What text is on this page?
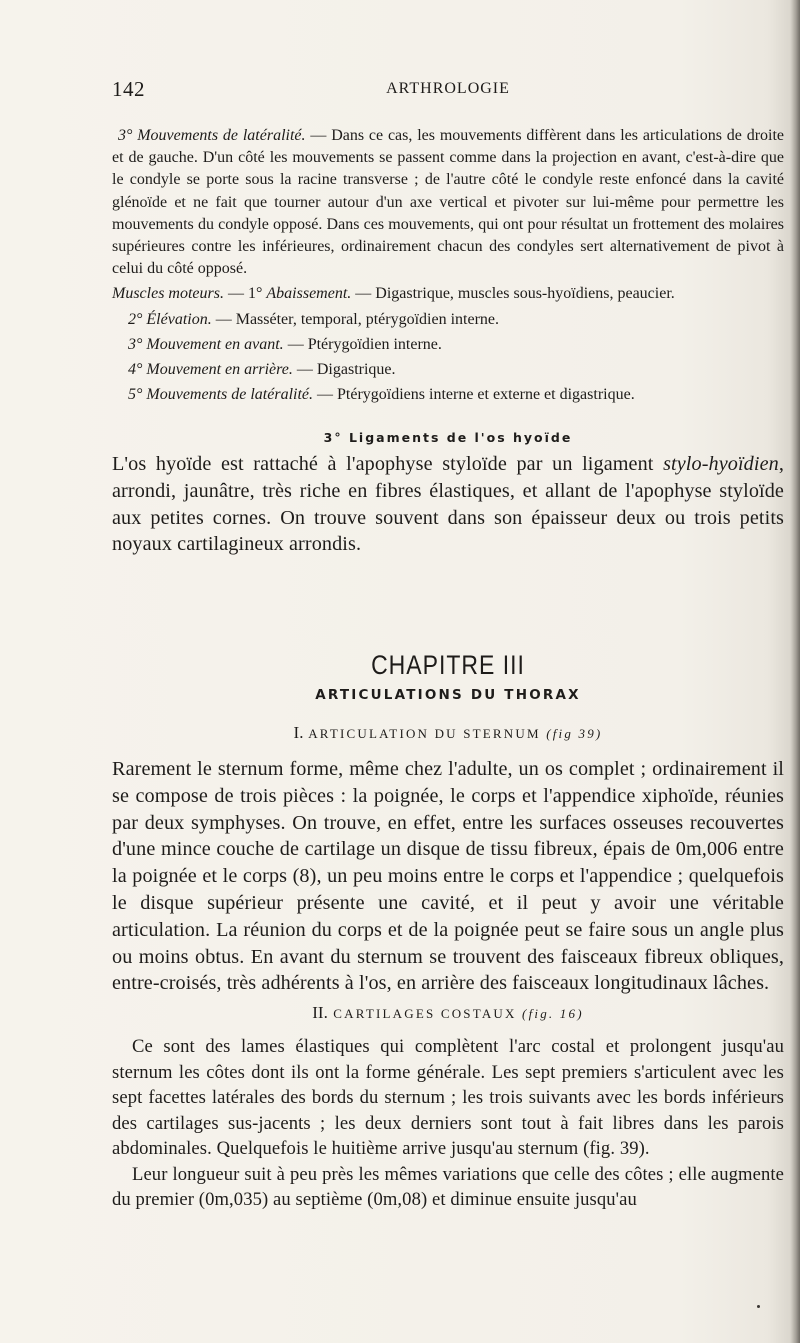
142	ARTHROLOGIE

3° Mouvements de latéralité. — Dans ce cas, les mouvements diffèrent dans les articulations de droite et de gauche. D'un côté les mouvements se passent comme dans la projection en avant, c'est-à-dire que le condyle se porte sous la racine transverse ; de l'autre côté le condyle reste enfoncé dans la cavité glénoïde et ne fait que tourner autour d'un axe vertical et pivoter sur lui-même pour permettre les mouvements du condyle opposé. Dans ces mouvements, qui ont pour résultat un frottement des molaires supérieures contre les inférieures, ordinairement chacun des condyles sert alternativement de pivot à celui du côté opposé.

Muscles moteurs. — 1° Abaissement. — Digastrique, muscles sous-hyoïdiens, peaucier.

2° Élévation. — Masséter, temporal, ptérygoïdien interne.

3° Mouvement en avant. — Ptérygoïdien interne.

4° Mouvement en arrière. — Digastrique.

5° Mouvements de latéralité. — Ptérygoïdiens interne et externe et digastrique.

3° Ligaments de l'os hyoïde

L'os hyoïde est rattaché à l'apophyse styloïde par un ligament stylo-hyoïdien, arrondi, jaunâtre, très riche en fibres élastiques, et allant de l'apophyse styloïde aux petites cornes. On trouve souvent dans son épaisseur deux ou trois petits noyaux cartilagineux arrondis.

CHAPITRE III
ARTICULATIONS DU THORAX
I. ARTICULATION DU STERNUM (fig 39)

Rarement le sternum forme, même chez l'adulte, un os complet ; ordinairement il se compose de trois pièces : la poignée, le corps et l'appendice xiphoïde, réunies par deux symphyses. On trouve, en effet, entre les surfaces osseuses recouvertes d'une mince couche de cartilage un disque de tissu fibreux, épais de 0m,006 entre la poignée et le corps (8), un peu moins entre le corps et l'appendice ; quelquefois le disque supérieur présente une cavité, et il peut y avoir une véritable articulation. La réunion du corps et de la poignée peut se faire sous un angle plus ou moins obtus. En avant du sternum se trouvent des faisceaux fibreux obliques, entre-croisés, très adhérents à l'os, en arrière des faisceaux longitudinaux lâches.

II. CARTILAGES COSTAUX (fig. 16)

Ce sont des lames élastiques qui complètent l'arc costal et prolongent jusqu'au sternum les côtes dont ils ont la forme générale. Les sept premiers s'articulent avec les sept facettes latérales des bords du sternum ; les trois suivants avec les bords inférieurs des cartilages sus-jacents ; les deux derniers sont tout à fait libres dans les parois abdominales. Quelquefois le huitième arrive jusqu'au sternum (fig. 39).

Leur longueur suit à peu près les mêmes variations que celle des côtes ; elle augmente du premier (0m,035) au septième (0m,08) et diminue ensuite jusqu'au
